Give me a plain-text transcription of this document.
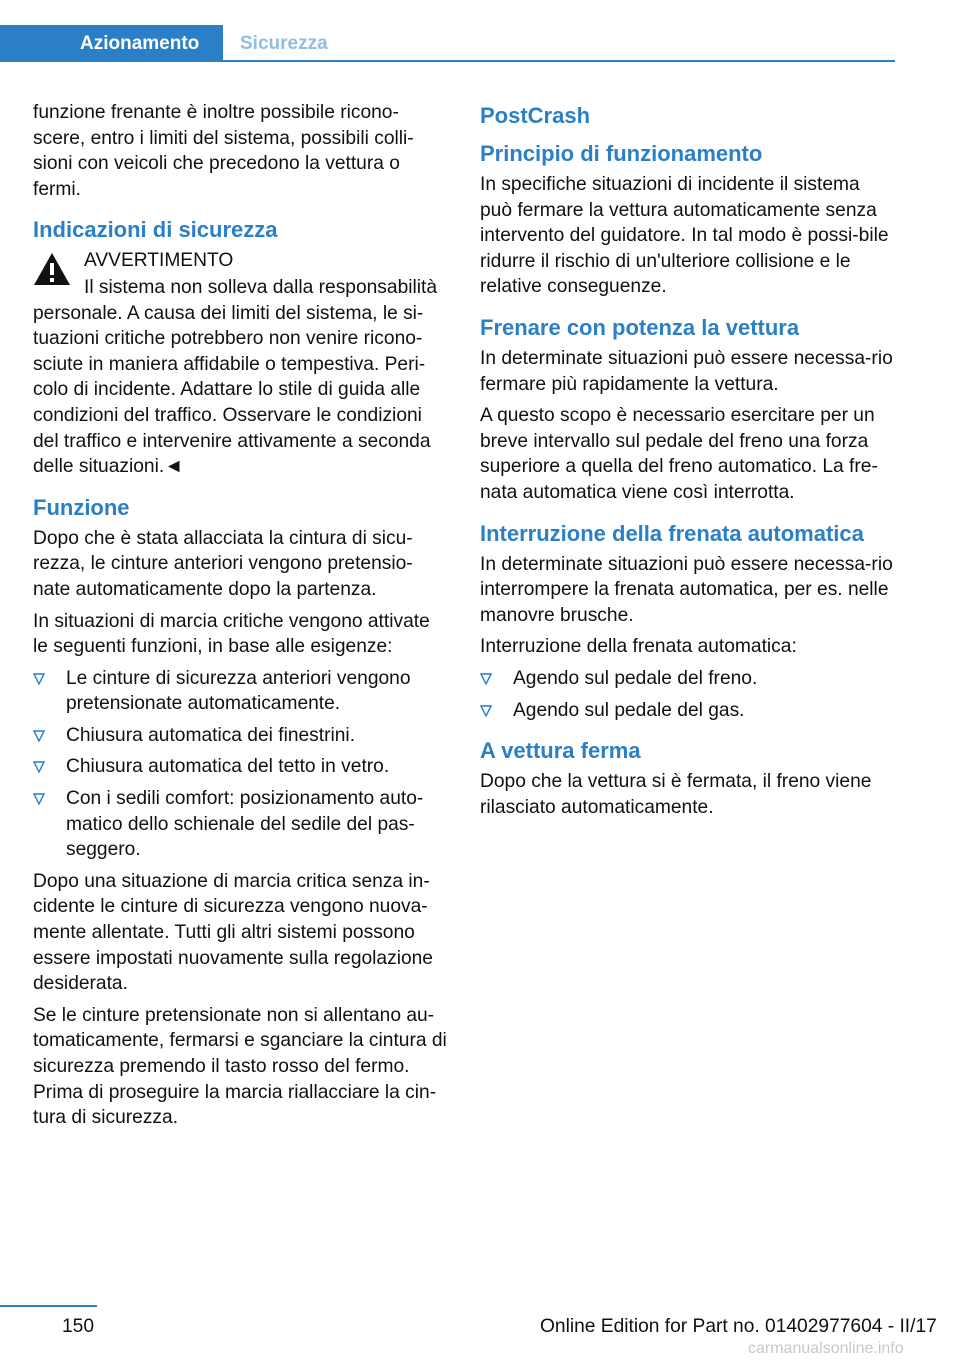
Azionamento	Sicurezza

funzione frenante è inoltre possibile ricono-scere, entro i limiti del sistema, possibili colli-sioni con veicoli che precedono la vettura o fermi.

Indicazioni di sicurezza
AVVERTIMENTO

Il sistema non solleva dalla responsabilità personale. A causa dei limiti del sistema, le si-tuazioni critiche potrebbero non venire ricono-sciute in maniera affidabile o tempestiva. Peri-colo di incidente. Adattare lo stile di guida alle condizioni del traffico. Osservare le condizioni del traffico e intervenire attivamente a seconda delle situazioni.◄

Funzione

Dopo che è stata allacciata la cintura di sicu-rezza, le cinture anteriori vengono pretensio-nate automaticamente dopo la partenza.

In situazioni di marcia critiche vengono attivate le seguenti funzioni, in base alle esigenze:

Le cinture di sicurezza anteriori vengono pretensionate automaticamente.
Chiusura automatica dei finestrini.
Chiusura automatica del tetto in vetro.
Con i sedili comfort: posizionamento auto-matico dello schienale del sedile del pas-seggero.

Dopo una situazione di marcia critica senza in-cidente le cinture di sicurezza vengono nuova-mente allentate. Tutti gli altri sistemi possono essere impostati nuovamente sulla regolazione desiderata.

Se le cinture pretensionate non si allentano au-tomaticamente, fermarsi e sganciare la cintura di sicurezza premendo il tasto rosso del fermo. Prima di proseguire la marcia riallacciare la cin-tura di sicurezza.

PostCrash
Principio di funzionamento

In specifiche situazioni di incidente il sistema può fermare la vettura automaticamente senza intervento del guidatore. In tal modo è possi-bile ridurre il rischio di un'ulteriore collisione e le relative conseguenze.

Frenare con potenza la vettura

In determinate situazioni può essere necessa-rio fermare più rapidamente la vettura.

A questo scopo è necessario esercitare per un breve intervallo sul pedale del freno una forza superiore a quella del freno automatico. La fre-nata automatica viene così interrotta.

Interruzione della frenata automatica

In determinate situazioni può essere necessa-rio interrompere la frenata automatica, per es. nelle manovre brusche.

Interruzione della frenata automatica:

Agendo sul pedale del freno.
Agendo sul pedale del gas.
A vettura ferma

Dopo che la vettura si è fermata, il freno viene rilasciato automaticamente.

150	Online Edition for Part no. 01402977604 - II/17
carmanualsonline.info
